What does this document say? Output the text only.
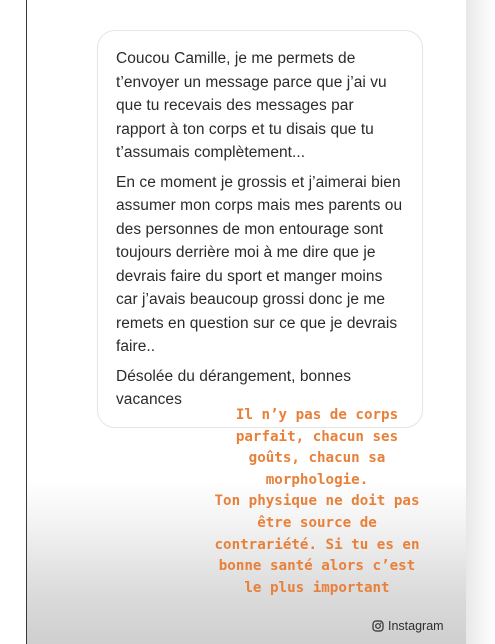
Coucou Camille, je me permets de t’envoyer un message parce que j’ai vu que tu recevais des messages par rapport à ton corps et tu disais que tu t’assumais complètement...

En ce moment je grossis et j’aimerai bien assumer mon corps mais mes parents ou des personnes de mon entourage sont toujours derrière moi à me dire que je devrais faire du sport et manger moins car j’avais beaucoup grossi donc je me remets en question sur ce que je devrais faire..

Désolée du dérangement, bonnes vacances

Il n’y pas de corps
parfait, chacun ses
goûts, chacun sa
morphologie.
Ton physique ne doit pas
être source de
contrariété. Si tu es en
bonne santé alors c’est
le plus important

Instagram
